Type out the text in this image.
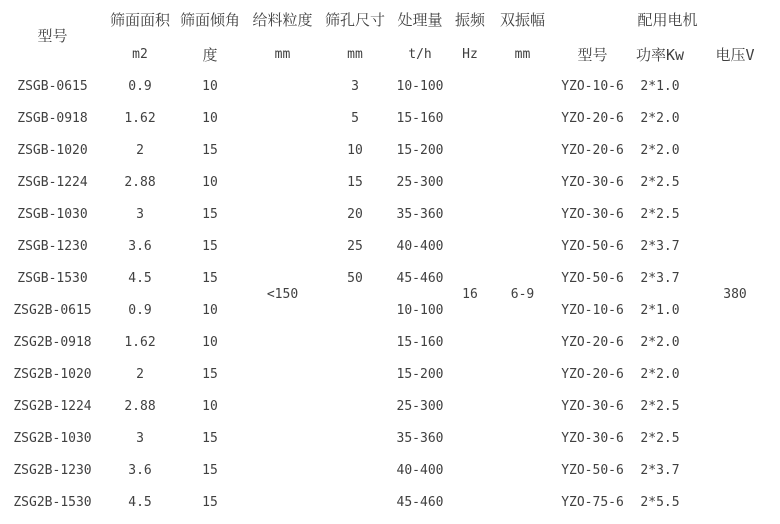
型号	筛面面积	筛面倾角	给料粒度	筛孔尺寸	处理量	振频	双振幅	配用电机		
	m2	度	mm	mm	t/h	Hz	mm	型号	功率Kw	电压V
ZSGB-0615	0.9	10	<150	3	10-100	16	6-9	YZO-10-6	2*1.0	380
ZSGB-0918	1.62	10		5	15-160			YZO-20-6	2*2.0	
ZSGB-1020	2	15		10	15-200			YZO-20-6	2*2.0	
ZSGB-1224	2.88	10		15	25-300			YZO-30-6	2*2.5	
ZSGB-1030	3	15		20	35-360			YZO-30-6	2*2.5	
ZSGB-1230	3.6	15		25	40-400			YZO-50-6	2*3.7	
ZSGB-1530	4.5	15		50	45-460			YZO-50-6	2*3.7	
ZSG2B-0615	0.9	10			10-100			YZO-10-6	2*1.0	
ZSG2B-0918	1.62	10			15-160			YZO-20-6	2*2.0	
ZSG2B-1020	2	15			15-200			YZO-20-6	2*2.0	
ZSG2B-1224	2.88	10			25-300			YZO-30-6	2*2.5	
ZSG2B-1030	3	15			35-360			YZO-30-6	2*2.5	
ZSG2B-1230	3.6	15			40-400			YZO-50-6	2*3.7	
ZSG2B-1530	4.5	15			45-460			YZO-75-6	2*5.5	
